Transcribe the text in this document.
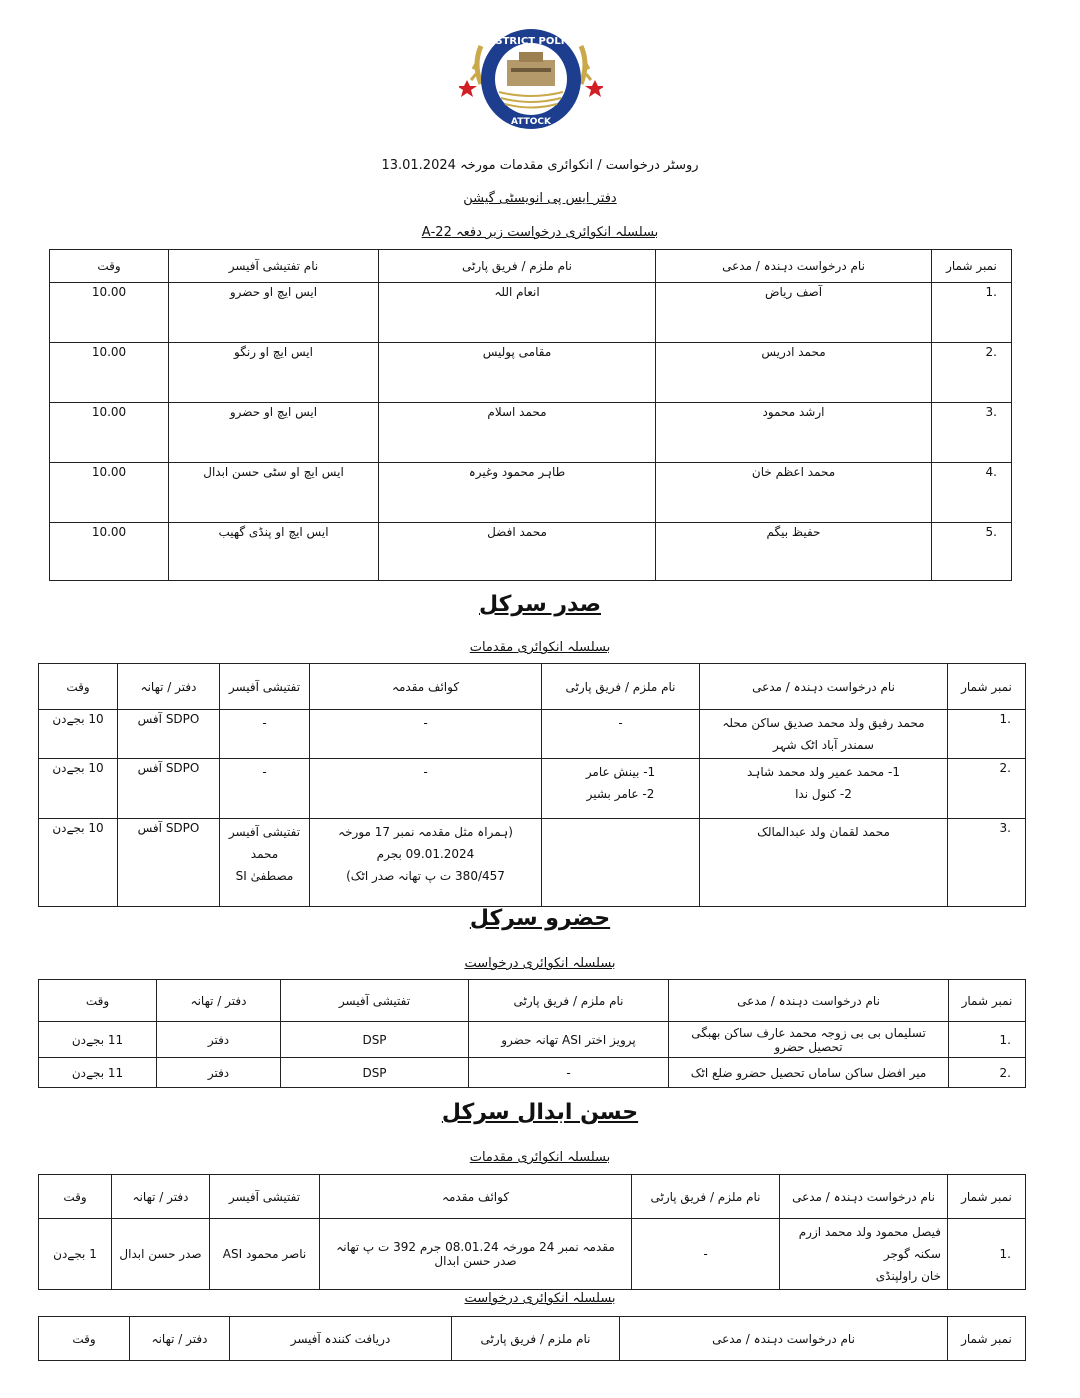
DISTRICT POLICE
ATTOCK
روسٹر درخواست / انکوائری مقدمات مورخہ 13.01.2024
دفتر ایس پی انویسٹی گیشن
بسلسلہ انکوائری درخواست زیر دفعہ 22-A
نمبر شمار	نام درخواست دہندہ / مدعی	نام ملزم / فریق پارٹی	نام تفتیشی آفیسر	وقت
1.	آصف ریاض	انعام اللہ	ایس ایچ او حضرو	10.00
2.	محمد ادریس	مقامی پولیس	ایس ایچ او رنگو	10.00
3.	ارشد محمود	محمد اسلام	ایس ایچ او حضرو	10.00
4.	محمد اعظم خان	طاہر محمود وغیرہ	ایس ایچ او سٹی حسن ابدال	10.00
5.	حفیظ بیگم	محمد افضل	ایس ایچ او پنڈی گھیب	10.00
صدر سرکل
بسلسلہ انکوائری مقدمات
نمبر شمار	نام درخواست دہندہ / مدعی	نام ملزم / فریق پارٹی	کوائف مقدمہ	تفتیشی آفیسر	دفتر / تھانہ	وقت
1.	محمد رفیق ولد محمد صدیق ساکن محلہ سمندر آباد اٹک شہر	-	-	-	SDPO آفس	10 بجےدن
2.	1- محمد عمیر ولد محمد شاہد
2- کنول ندا	1- بینش عامر
2- عامر بشیر	-	-	SDPO آفس	10 بجےدن
3.	محمد لقمان ولد عبدالمالک		(ہمراہ مثل مقدمہ نمبر 17 مورخہ 09.01.2024 بجرم
380/457 ت پ تھانہ صدر اٹک)	تفتیشی آفیسر محمد
مصطفیٰ SI	SDPO آفس	10 بجےدن
حضرو سرکل
بسلسلہ انکوائری درخواست
نمبر شمار	نام درخواست دہندہ / مدعی	نام ملزم / فریق پارٹی	تفتیشی آفیسر	دفتر / تھانہ	وقت
1.	تسلیماں بی بی زوجہ محمد عارف ساکن بھبگی تحصیل حضرو	پرویز اختر ASI تھانہ حضرو	DSP	دفتر	11 بجےدن
2.	میر افضل ساکن ساماں تحصیل حضرو ضلع اٹک	-	DSP	دفتر	11 بجےدن
حسن ابدال سرکل
بسلسلہ انکوائری مقدمات
نمبر شمار	نام درخواست دہندہ / مدعی	نام ملزم / فریق پارٹی	کوائف مقدمہ	تفتیشی آفیسر	دفتر / تھانہ	وقت
1.	فیصل محمود ولد محمد ازرم سکنہ گوجر
خان راولپنڈی	-	مقدمہ نمبر 24 مورخہ 08.01.24 جرم 392 ت پ تھانہ صدر حسن ابدال	ناصر محمود ASI	صدر حسن ابدال	1 بجےدن
بسلسلہ انکوائری درخواست
نمبر شمار	نام درخواست دہندہ / مدعی	نام ملزم / فریق پارٹی	دریافت کنندہ آفیسر	دفتر / تھانہ	وقت
